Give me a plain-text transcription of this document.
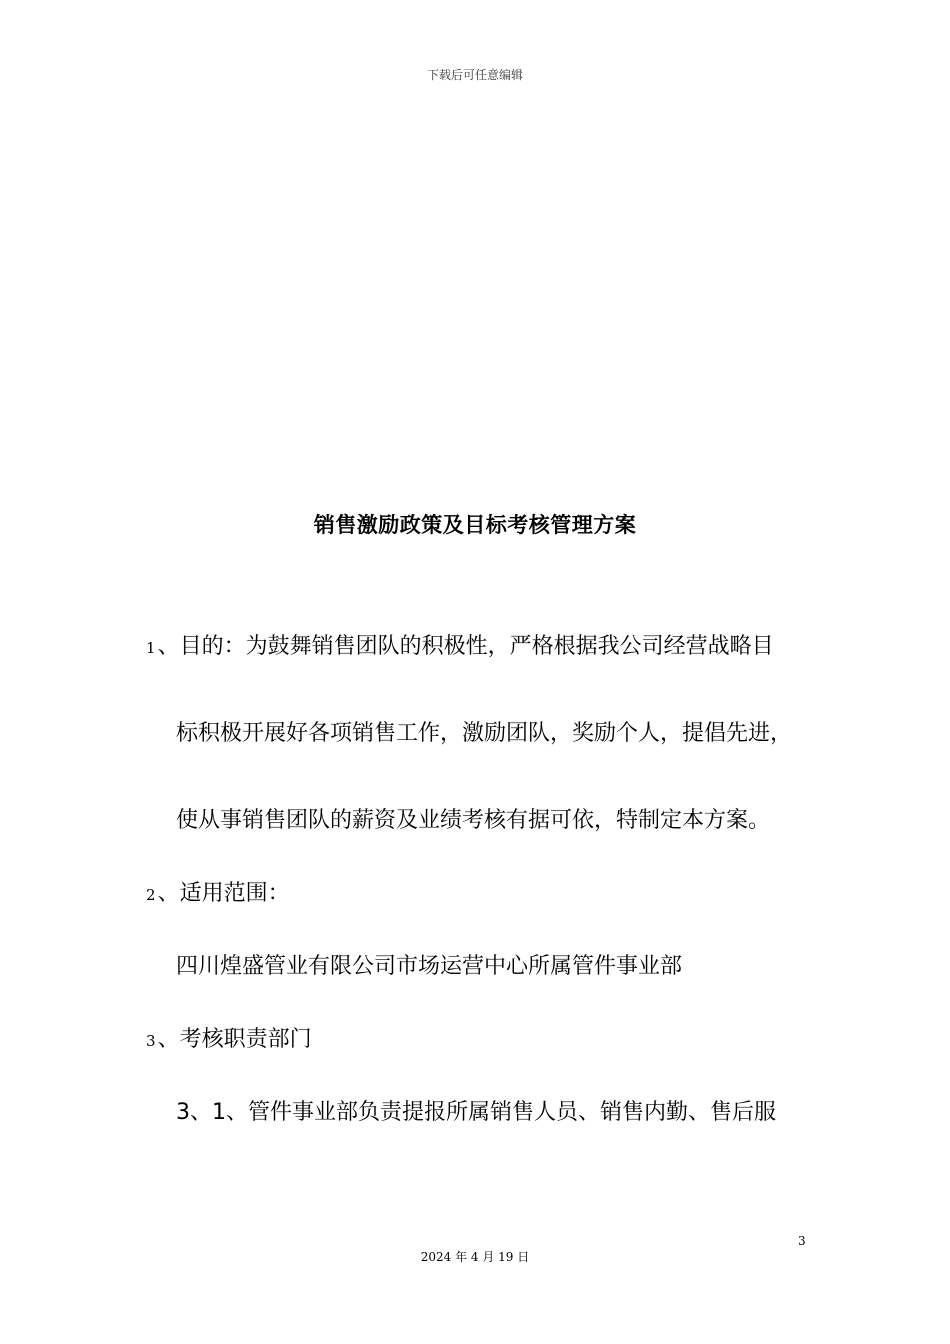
下载后可任意编辑
销售激励政策及目标考核管理方案
1、目的：为鼓舞销售团队的积极性，严格根据我公司经营战略目
标积极开展好各项销售工作，激励团队，奖励个人，提倡先进，
使从事销售团队的薪资及业绩考核有据可依，特制定本方案。
2、适用范围：
四川煌盛管业有限公司市场运营中心所属管件事业部
3、考核职责部门
3、1、管件事业部负责提报所属销售人员、销售内勤、售后服
3
2024 年 4 月 19 日
